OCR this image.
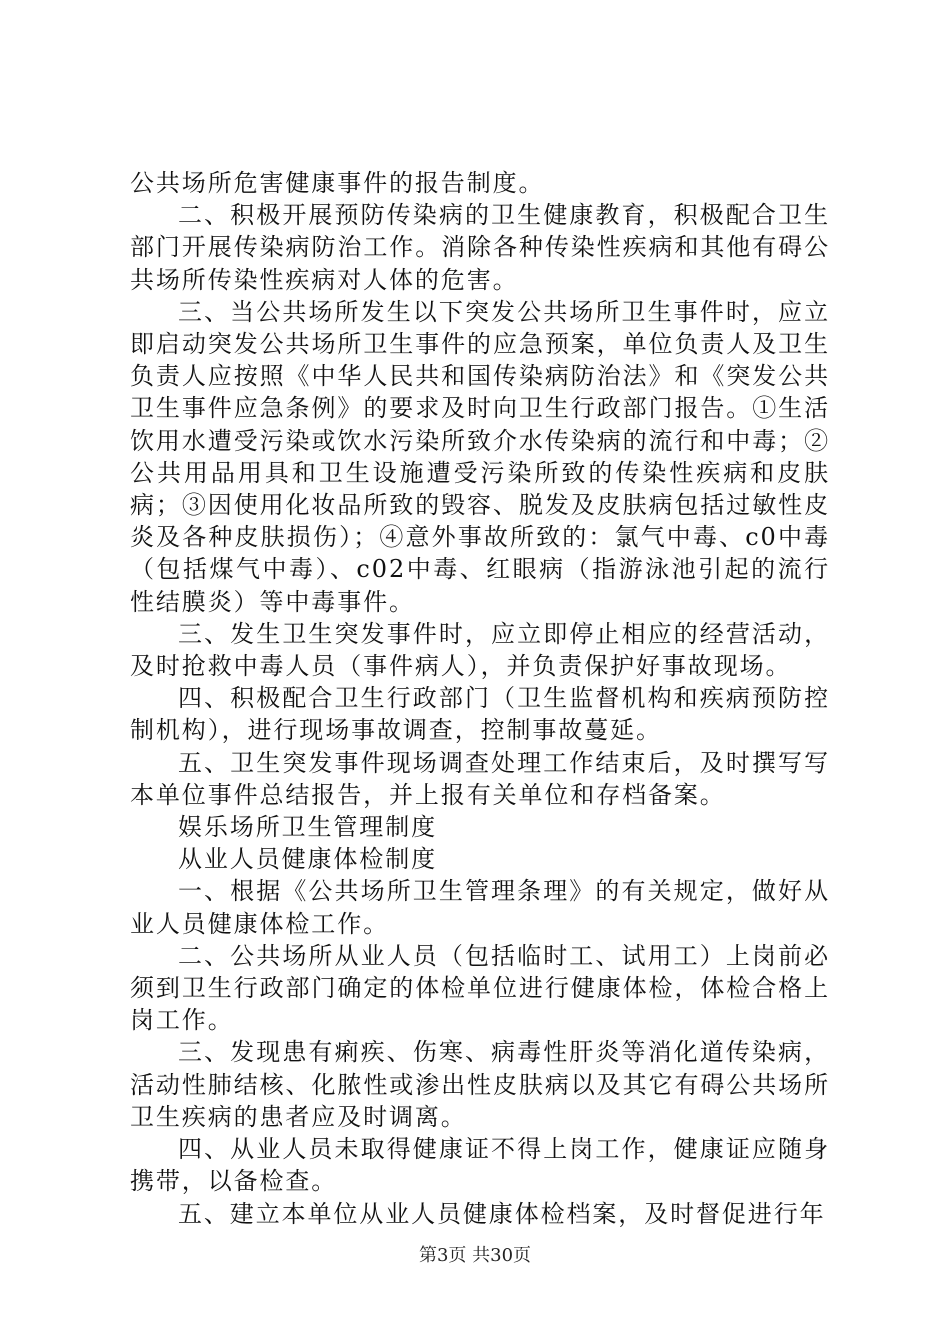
公共场所危害健康事件的报告制度。

二、积极开展预防传染病的卫生健康教育，积极配合卫生部门开展传染病防治工作。消除各种传染性疾病和其他有碍公共场所传染性疾病对人体的危害。

三、当公共场所发生以下突发公共场所卫生事件时，应立即启动突发公共场所卫生事件的应急预案，单位负责人及卫生负责人应按照《中华人民共和国传染病防治法》和《突发公共卫生事件应急条例》的要求及时向卫生行政部门报告。①生活饮用水遭受污染或饮水污染所致介水传染病的流行和中毒；②公共用品用具和卫生设施遭受污染所致的传染性疾病和皮肤病；③因使用化妆品所致的毁容、脱发及皮肤病包括过敏性皮炎及各种皮肤损伤）；④意外事故所致的：氯气中毒、c0中毒（包括煤气中毒）、c02中毒、红眼病（指游泳池引起的流行性结膜炎）等中毒事件。

三、发生卫生突发事件时，应立即停止相应的经营活动，及时抢救中毒人员（事件病人），并负责保护好事故现场。

四、积极配合卫生行政部门（卫生监督机构和疾病预防控制机构），进行现场事故调查，控制事故蔓延。

五、卫生突发事件现场调查处理工作结束后，及时撰写写本单位事件总结报告，并上报有关单位和存档备案。

娱乐场所卫生管理制度

从业人员健康体检制度

一、根据《公共场所卫生管理条理》的有关规定，做好从业人员健康体检工作。

二、公共场所从业人员（包括临时工、试用工）上岗前必须到卫生行政部门确定的体检单位进行健康体检，体检合格上岗工作。

三、发现患有痢疾、伤寒、病毒性肝炎等消化道传染病，活动性肺结核、化脓性或渗出性皮肤病以及其它有碍公共场所卫生疾病的患者应及时调离。

四、从业人员未取得健康证不得上岗工作，健康证应随身携带，以备检查。

五、建立本单位从业人员健康体检档案，及时督促进行年

第3页 共30页
